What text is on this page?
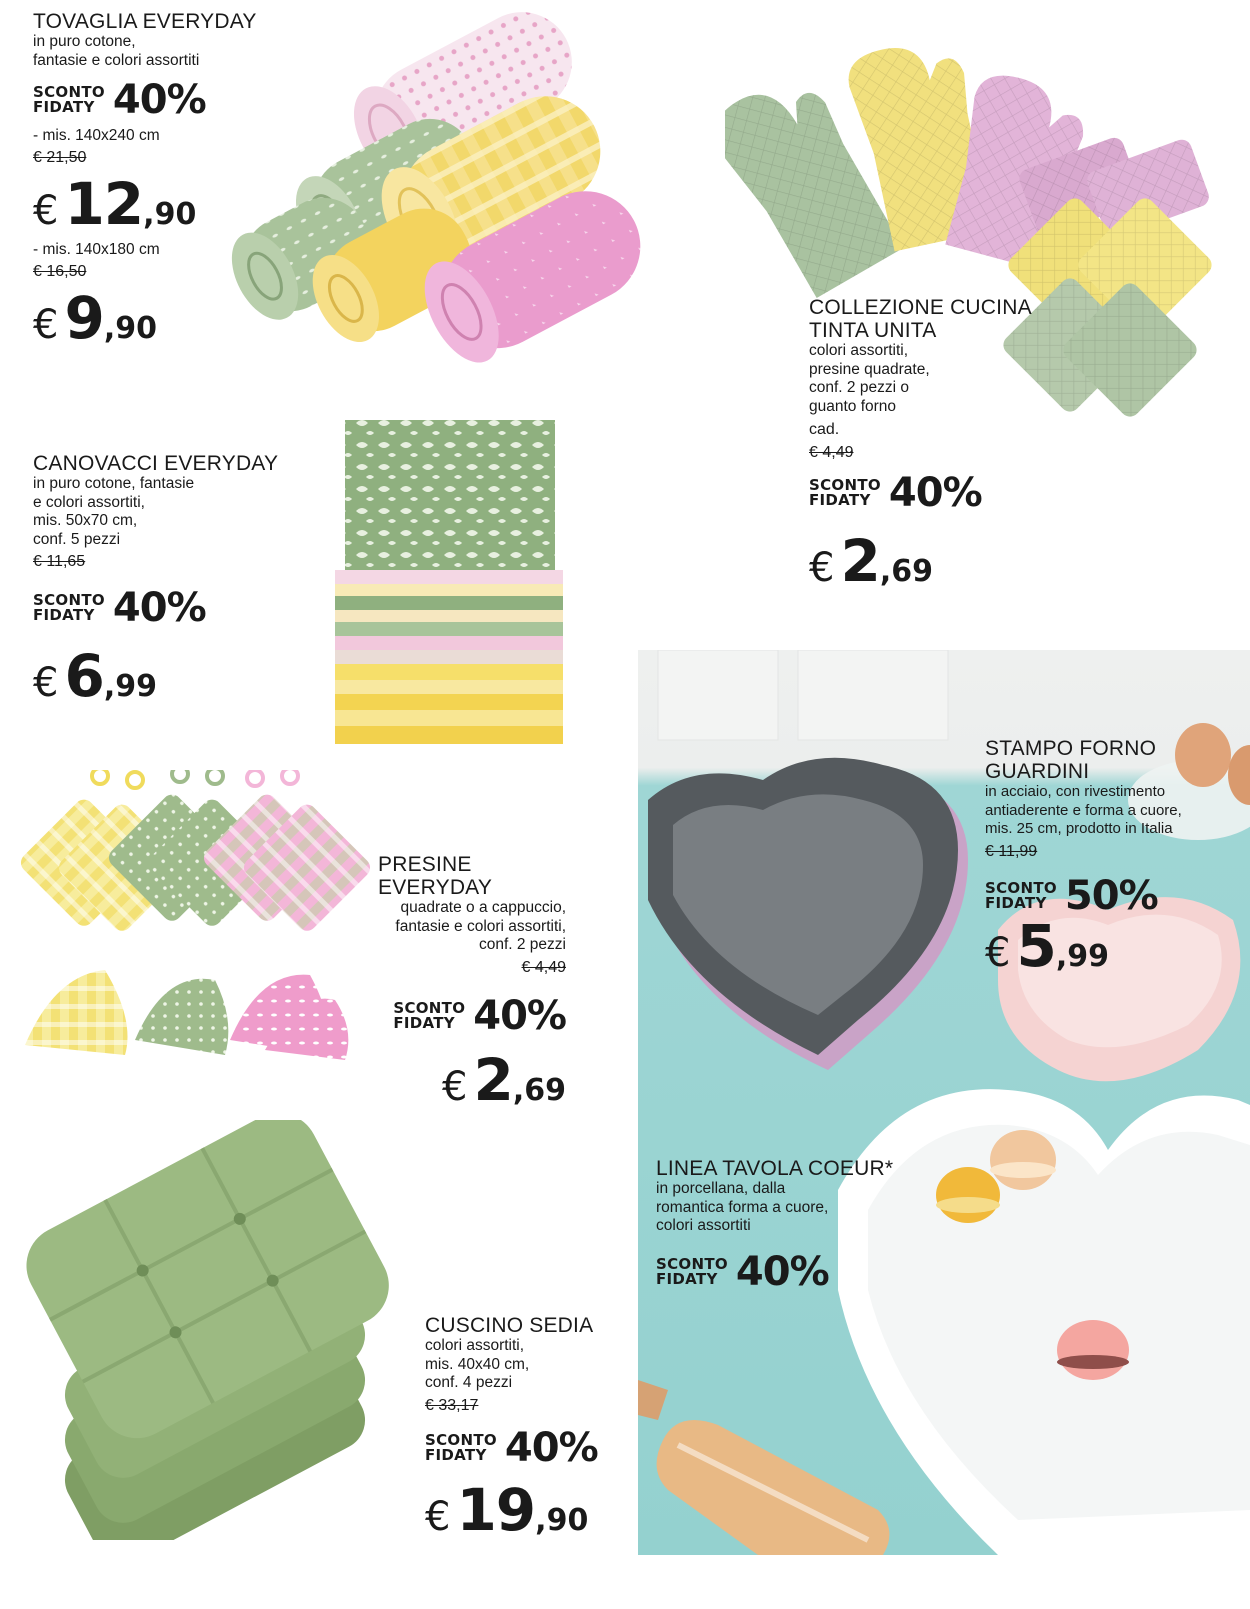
TOVAGLIA EVERYDAY
in puro cotone,
fantasie e colori assortiti
SCONTO
FIDATY 40%
- mis. 140x240 cm
€ 21,50
€ 12 ,90
- mis. 140x180 cm
€ 16,50
€ 9 ,90
COLLEZIONE CUCINA
TINTA UNITA
colori assortiti,
presine quadrate,
conf. 2 pezzi o
guanto forno
cad.
€ 4,49
SCONTO
FIDATY 40%
€ 2 ,69
CANOVACCI EVERYDAY
in puro cotone, fantasie
e colori assortiti,
mis. 50x70 cm,
conf. 5 pezzi
€ 11,65
SCONTO
FIDATY 40%
€ 6 ,99
PRESINE EVERYDAY
quadrate o a cappuccio,
fantasie e colori assortiti,
conf. 2 pezzi
€ 4,49
SCONTO
FIDATY 40%
€ 2 ,69
STAMPO FORNO
GUARDINI
in acciaio, con rivestimento
antiaderente e forma a cuore,
mis. 25 cm, prodotto in Italia
€ 11,99
SCONTO
FIDATY 50%
€ 5 ,99
LINEA TAVOLA COEUR*
in porcellana, dalla
romantica forma a cuore,
colori assortiti
SCONTO
FIDATY 40%
CUSCINO SEDIA
colori assortiti,
mis. 40x40 cm,
conf. 4 pezzi
€ 33,17
SCONTO
FIDATY 40%
€ 19 ,90
